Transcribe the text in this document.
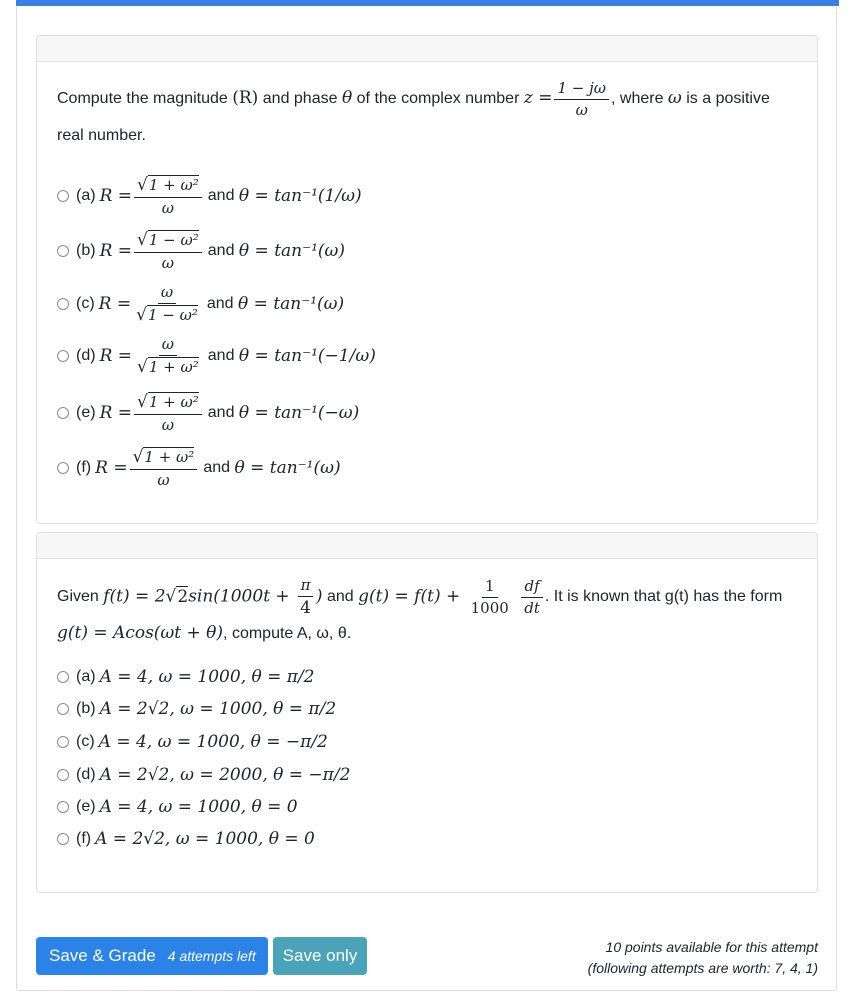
Compute the magnitude
(R)
and phase
θ
of the complex number
$z = \frac{1 - j\omega}{\omega}$ , where
ω
is a positive
real number.
(a) $R = \frac{\text{√1 + ω²}}{\omega}$ and
θ = tan⁻¹(1/ω)
(b) $R = \frac{\text{√1 − ω²}}{\omega}$ and
θ = tan⁻¹(ω)
(c) $R = \frac{\omega}{\text{√1 − ω²}}$ and
θ = tan⁻¹(ω)
(d) $R = \frac{\omega}{\text{√1 + ω²}}$ and
θ = tan⁻¹(−1/ω)
(e) $R = \frac{\text{√1 + ω²}}{\omega}$ and
θ = tan⁻¹(−ω)
(f) $R = \frac{\text{√1 + ω²}}{\omega}$ and
θ = tan⁻¹(ω)
Given
$f(t) = 2√2\sin(1000t + \frac{\pi}{4}$ )
and
$g(t) = f(t) + \frac{1}{1000}$
$\frac{df}{dt}$ . It is known that g(t) has the form
g(t) = Acos(ωt + θ), compute A, ω, θ.
(a) A = 4, ω = 1000, θ = π/2
(b) A = 2√2, ω = 1000, θ = π/2
(c) A = 4, ω = 1000, θ = −π/2
(d) A = 2√2, ω = 2000, θ = −π/2
(e) A = 4, ω = 1000, θ = 0
(f) A = 2√2, ω = 1000, θ = 0
Save & Grade 4 attempts left Save only	10 points available for this attempt
(following attempts are worth: 7, 4, 1)
